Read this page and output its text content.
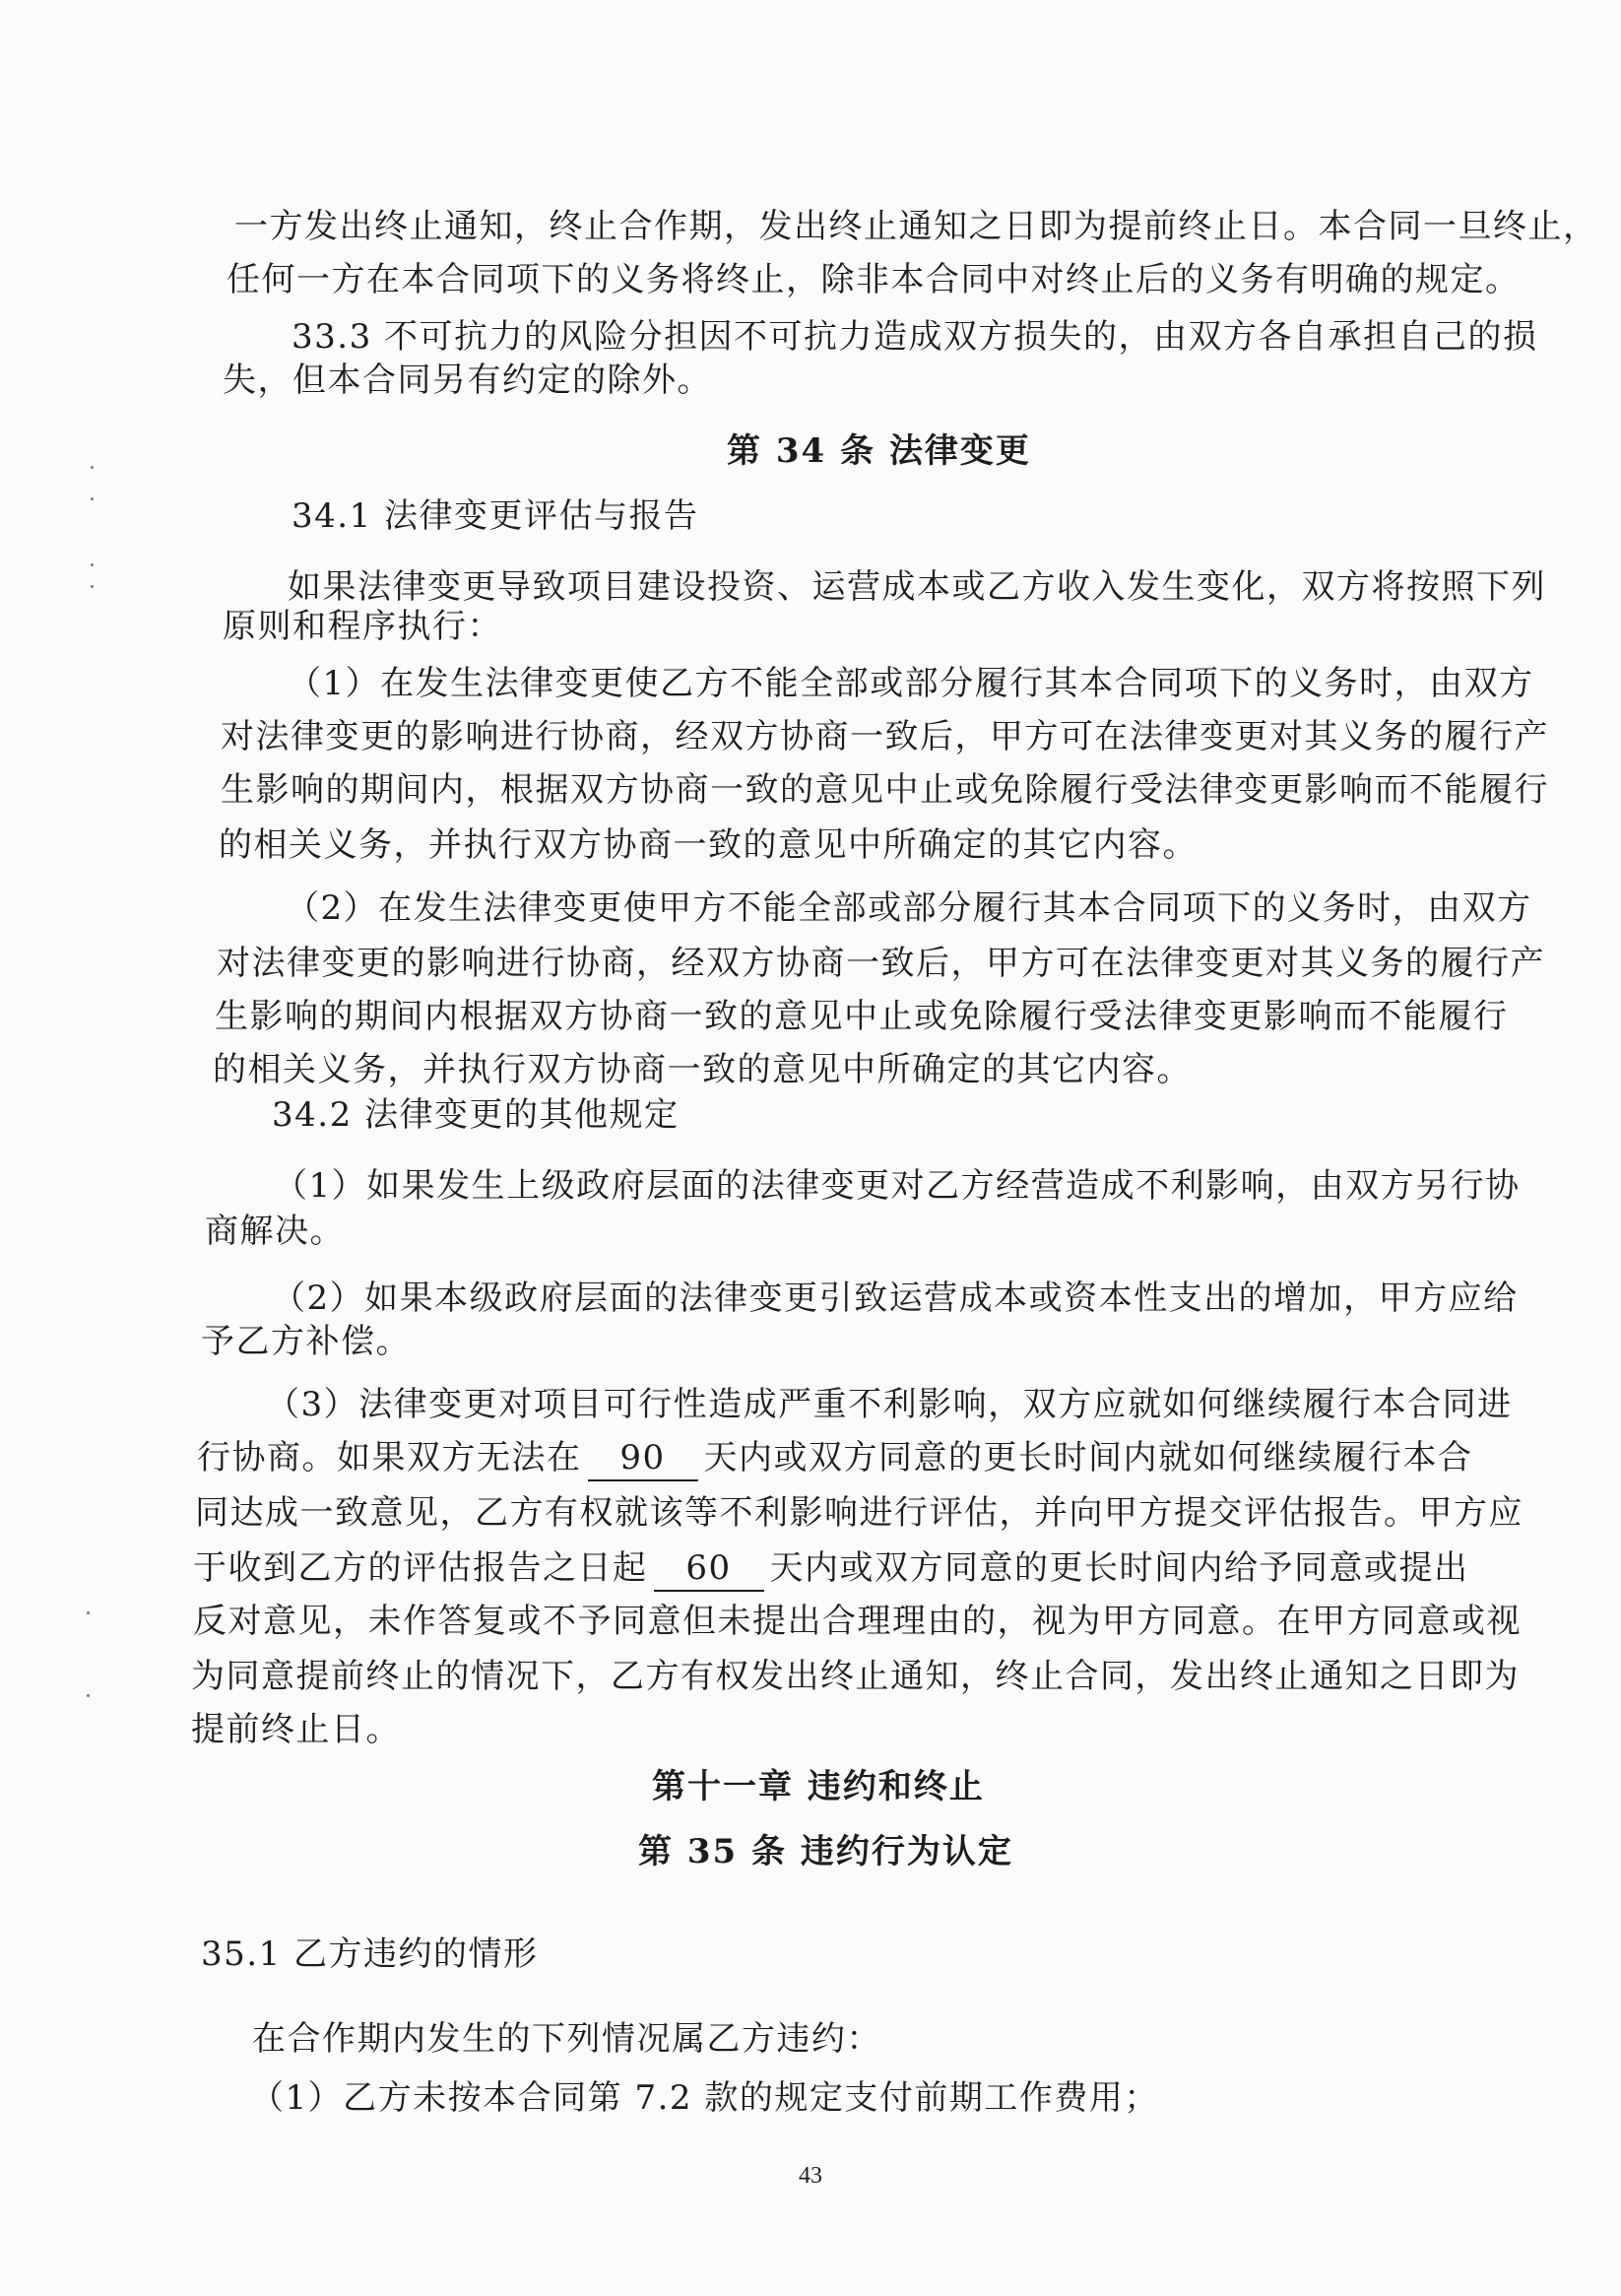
一方发出终止通知，终止合作期，发出终止通知之日即为提前终止日。本合同一旦终止，
任何一方在本合同项下的义务将终止，除非本合同中对终止后的义务有明确的规定。
33.3 不可抗力的风险分担因不可抗力造成双方损失的，由双方各自承担自己的损
失，但本合同另有约定的除外。
第 34 条 法律变更
34.1 法律变更评估与报告
如果法律变更导致项目建设投资、运营成本或乙方收入发生变化，双方将按照下列
原则和程序执行：
（1）在发生法律变更使乙方不能全部或部分履行其本合同项下的义务时，由双方
对法律变更的影响进行协商，经双方协商一致后，甲方可在法律变更对其义务的履行产
生影响的期间内，根据双方协商一致的意见中止或免除履行受法律变更影响而不能履行
的相关义务，并执行双方协商一致的意见中所确定的其它内容。
（2）在发生法律变更使甲方不能全部或部分履行其本合同项下的义务时，由双方
对法律变更的影响进行协商，经双方协商一致后，甲方可在法律变更对其义务的履行产
生影响的期间内根据双方协商一致的意见中止或免除履行受法律变更影响而不能履行
的相关义务，并执行双方协商一致的意见中所确定的其它内容。
34.2 法律变更的其他规定
（1）如果发生上级政府层面的法律变更对乙方经营造成不利影响，由双方另行协
商解决。
（2）如果本级政府层面的法律变更引致运营成本或资本性支出的增加，甲方应给
予乙方补偿。
（3）法律变更对项目可行性造成严重不利影响，双方应就如何继续履行本合同进
行协商。如果双方无法在 90 天内或双方同意的更长时间内就如何继续履行本合
同达成一致意见，乙方有权就该等不利影响进行评估，并向甲方提交评估报告。甲方应
于收到乙方的评估报告之日起 60 天内或双方同意的更长时间内给予同意或提出
反对意见，未作答复或不予同意但未提出合理理由的，视为甲方同意。在甲方同意或视
为同意提前终止的情况下，乙方有权发出终止通知，终止合同，发出终止通知之日即为
提前终止日。
第十一章 违约和终止
第 35 条 违约行为认定
35.1 乙方违约的情形
在合作期内发生的下列情况属乙方违约：
（1）乙方未按本合同第 7.2 款的规定支付前期工作费用；
43
